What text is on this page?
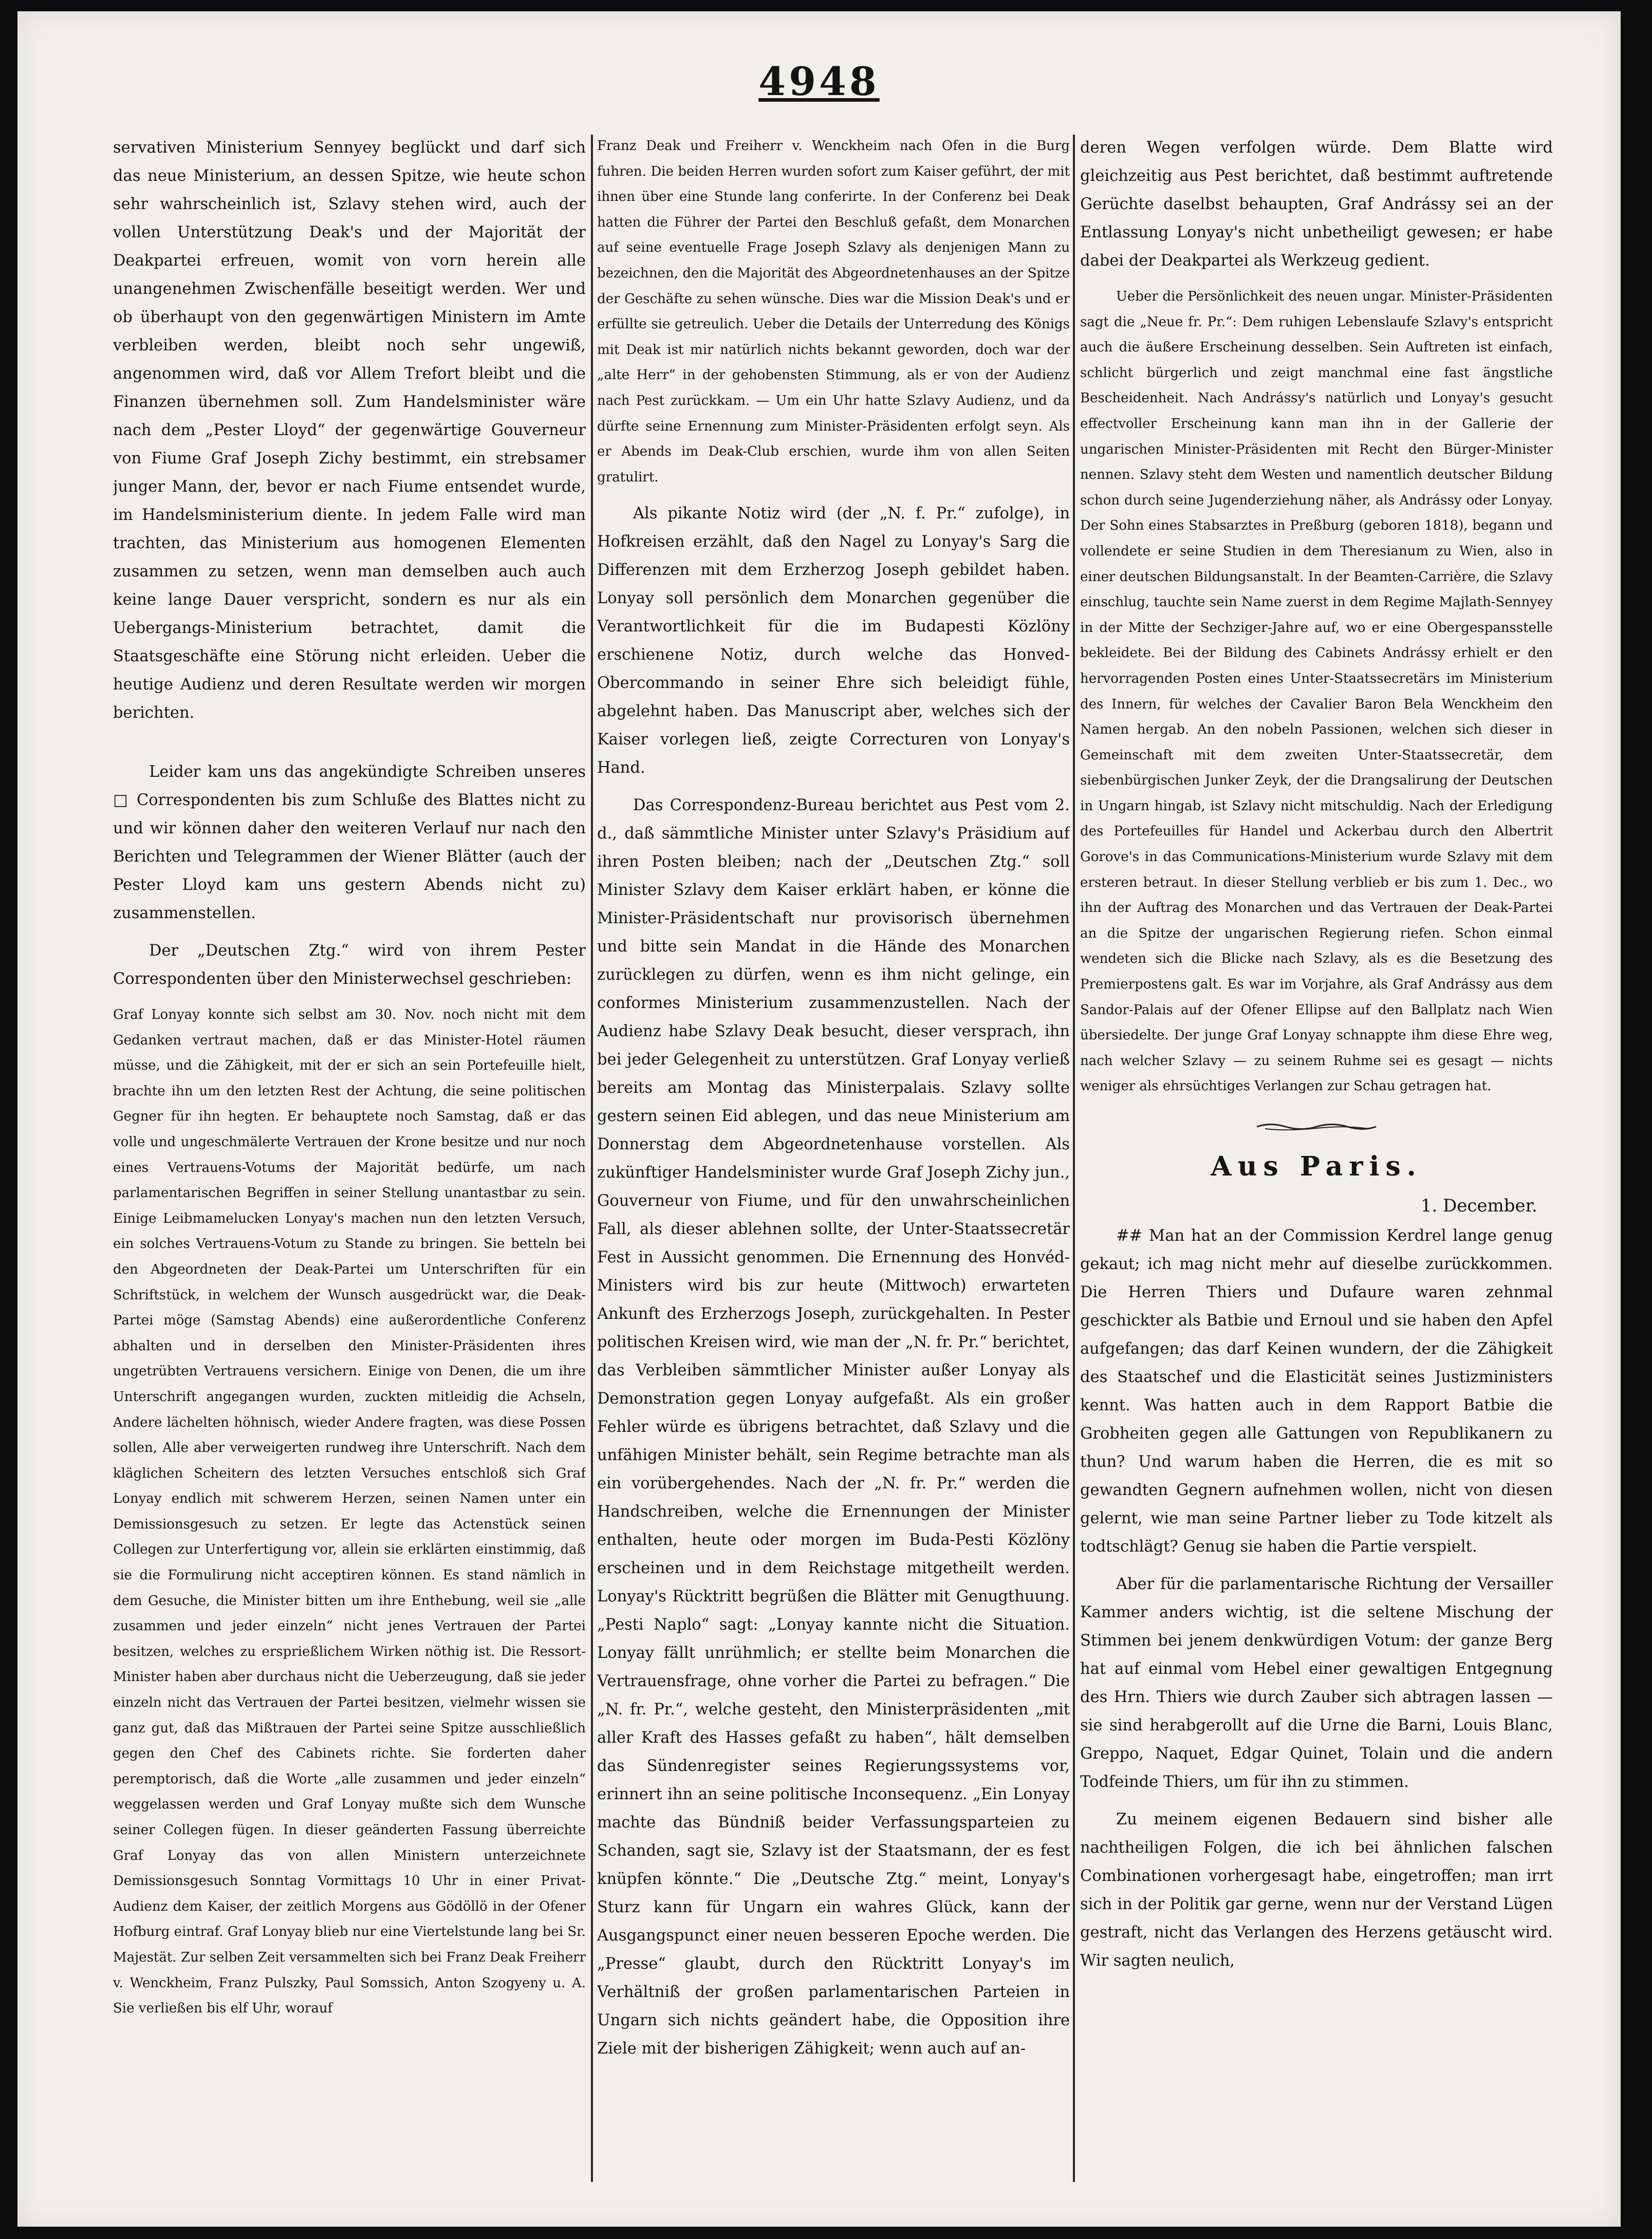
4948

servativen Ministerium Sennyey beglückt und darf sich das neue Ministerium, an dessen Spitze, wie heute schon sehr wahrscheinlich ist, Szlavy stehen wird, auch der vollen Unterstützung Deak's und der Majorität der Deakpartei erfreuen, womit von vorn herein alle unangenehmen Zwischenfälle beseitigt werden. Wer und ob überhaupt von den gegenwärtigen Ministern im Amte verbleiben werden, bleibt noch sehr ungewiß, angenommen wird, daß vor Allem Trefort bleibt und die Finanzen übernehmen soll. Zum Handelsminister wäre nach dem „Pester Lloyd“ der gegenwärtige Gouverneur von Fiume Graf Joseph Zichy bestimmt, ein strebsamer junger Mann, der, bevor er nach Fiume entsendet wurde, im Handelsministerium diente. In jedem Falle wird man trachten, das Ministerium aus homogenen Elementen zusammen zu setzen, wenn man demselben auch auch keine lange Dauer verspricht, sondern es nur als ein Uebergangs-Ministerium betrachtet, damit die Staatsgeschäfte eine Störung nicht erleiden. Ueber die heutige Audienz und deren Resultate werden wir morgen berichten.

Leider kam uns das angekündigte Schreiben unseres □ Correspondenten bis zum Schluße des Blattes nicht zu und wir können daher den weiteren Verlauf nur nach den Berichten und Telegrammen der Wiener Blätter (auch der Pester Lloyd kam uns gestern Abends nicht zu) zusammenstellen.

Der „Deutschen Ztg.“ wird von ihrem Pester Correspondenten über den Ministerwechsel geschrieben:

Graf Lonyay konnte sich selbst am 30. Nov. noch nicht mit dem Gedanken vertraut machen, daß er das Minister-Hotel räumen müsse, und die Zähigkeit, mit der er sich an sein Portefeuille hielt, brachte ihn um den letzten Rest der Achtung, die seine politischen Gegner für ihn hegten. Er behauptete noch Samstag, daß er das volle und ungeschmälerte Vertrauen der Krone besitze und nur noch eines Vertrauens-Votums der Majorität bedürfe, um nach parlamentarischen Begriffen in seiner Stellung unantastbar zu sein. Einige Leibmamelucken Lonyay's machen nun den letzten Versuch, ein solches Vertrauens-Votum zu Stande zu bringen. Sie betteln bei den Abgeordneten der Deak-Partei um Unterschriften für ein Schriftstück, in welchem der Wunsch ausgedrückt war, die Deak-Partei möge (Samstag Abends) eine außerordentliche Conferenz abhalten und in derselben den Minister-Präsidenten ihres ungetrübten Vertrauens versichern. Einige von Denen, die um ihre Unterschrift angegangen wurden, zuckten mitleidig die Achseln, Andere lächelten höhnisch, wieder Andere fragten, was diese Possen sollen, Alle aber verweigerten rundweg ihre Unterschrift. Nach dem kläglichen Scheitern des letzten Versuches entschloß sich Graf Lonyay endlich mit schwerem Herzen, seinen Namen unter ein Demissionsgesuch zu setzen. Er legte das Actenstück seinen Collegen zur Unterfertigung vor, allein sie erklärten einstimmig, daß sie die Formulirung nicht acceptiren können. Es stand nämlich in dem Gesuche, die Minister bitten um ihre Enthebung, weil sie „alle zusammen und jeder einzeln“ nicht jenes Vertrauen der Partei besitzen, welches zu ersprießlichem Wirken nöthig ist. Die Ressort-Minister haben aber durchaus nicht die Ueberzeugung, daß sie jeder einzeln nicht das Vertrauen der Partei besitzen, vielmehr wissen sie ganz gut, daß das Mißtrauen der Partei seine Spitze ausschließlich gegen den Chef des Cabinets richte. Sie forderten daher peremptorisch, daß die Worte „alle zusammen und jeder einzeln“ weggelassen werden und Graf Lonyay mußte sich dem Wunsche seiner Collegen fügen. In dieser geänderten Fassung überreichte Graf Lonyay das von allen Ministern unterzeichnete Demissionsgesuch Sonntag Vormittags 10 Uhr in einer Privat-Audienz dem Kaiser, der zeitlich Morgens aus Gödöllö in der Ofener Hofburg eintraf. Graf Lonyay blieb nur eine Viertelstunde lang bei Sr. Majestät. Zur selben Zeit versammelten sich bei Franz Deak Freiherr v. Wenckheim, Franz Pulszky, Paul Somssich, Anton Szogyeny u. A. Sie verließen bis elf Uhr, worauf

Franz Deak und Freiherr v. Wenckheim nach Ofen in die Burg fuhren. Die beiden Herren wurden sofort zum Kaiser geführt, der mit ihnen über eine Stunde lang conferirte. In der Conferenz bei Deak hatten die Führer der Partei den Beschluß gefaßt, dem Monarchen auf seine eventuelle Frage Joseph Szlavy als denjenigen Mann zu bezeichnen, den die Majorität des Abgeordnetenhauses an der Spitze der Geschäfte zu sehen wünsche. Dies war die Mission Deak's und er erfüllte sie getreulich. Ueber die Details der Unterredung des Königs mit Deak ist mir natürlich nichts bekannt geworden, doch war der „alte Herr“ in der gehobensten Stimmung, als er von der Audienz nach Pest zurückkam. — Um ein Uhr hatte Szlavy Audienz, und da dürfte seine Ernennung zum Minister-Präsidenten erfolgt seyn. Als er Abends im Deak-Club erschien, wurde ihm von allen Seiten gratulirt.

Als pikante Notiz wird (der „N. f. Pr.“ zufolge), in Hofkreisen erzählt, daß den Nagel zu Lonyay's Sarg die Differenzen mit dem Erzherzog Joseph gebildet haben. Lonyay soll persönlich dem Monarchen gegenüber die Verantwortlichkeit für die im Budapesti Közlöny erschienene Notiz, durch welche das Honved-Obercommando in seiner Ehre sich beleidigt fühle, abgelehnt haben. Das Manuscript aber, welches sich der Kaiser vorlegen ließ, zeigte Correcturen von Lonyay's Hand.

Das Correspondenz-Bureau berichtet aus Pest vom 2. d., daß sämmtliche Minister unter Szlavy's Präsidium auf ihren Posten bleiben; nach der „Deutschen Ztg.“ soll Minister Szlavy dem Kaiser erklärt haben, er könne die Minister-Präsidentschaft nur provisorisch übernehmen und bitte sein Mandat in die Hände des Monarchen zurücklegen zu dürfen, wenn es ihm nicht gelinge, ein conformes Ministerium zusammenzustellen. Nach der Audienz habe Szlavy Deak besucht, dieser versprach, ihn bei jeder Gelegenheit zu unterstützen. Graf Lonyay verließ bereits am Montag das Ministerpalais. Szlavy sollte gestern seinen Eid ablegen, und das neue Ministerium am Donnerstag dem Abgeordnetenhause vorstellen. Als zukünftiger Handelsminister wurde Graf Joseph Zichy jun., Gouverneur von Fiume, und für den unwahrscheinlichen Fall, als dieser ablehnen sollte, der Unter-Staatssecretär Fest in Aussicht genommen. Die Ernennung des Honvéd-Ministers wird bis zur heute (Mittwoch) erwarteten Ankunft des Erzherzogs Joseph, zurückgehalten. In Pester politischen Kreisen wird, wie man der „N. fr. Pr.“ berichtet, das Verbleiben sämmtlicher Minister außer Lonyay als Demonstration gegen Lonyay aufgefaßt. Als ein großer Fehler würde es übrigens betrachtet, daß Szlavy und die unfähigen Minister behält, sein Regime betrachte man als ein vorübergehendes. Nach der „N. fr. Pr.“ werden die Handschreiben, welche die Ernennungen der Minister enthalten, heute oder morgen im Buda-Pesti Közlöny erscheinen und in dem Reichstage mitgetheilt werden. Lonyay's Rücktritt begrüßen die Blätter mit Genugthuung. „Pesti Naplo“ sagt: „Lonyay kannte nicht die Situation. Lonyay fällt unrühmlich; er stellte beim Monarchen die Vertrauensfrage, ohne vorher die Partei zu befragen.“ Die „N. fr. Pr.“, welche gesteht, den Ministerpräsidenten „mit aller Kraft des Hasses gefaßt zu haben“, hält demselben das Sündenregister seines Regierungssystems vor, erinnert ihn an seine politische Inconsequenz. „Ein Lonyay machte das Bündniß beider Verfassungsparteien zu Schanden, sagt sie, Szlavy ist der Staatsmann, der es fest knüpfen könnte.“ Die „Deutsche Ztg.“ meint, Lonyay's Sturz kann für Ungarn ein wahres Glück, kann der Ausgangspunct einer neuen besseren Epoche werden. Die „Presse“ glaubt, durch den Rücktritt Lonyay's im Verhältniß der großen parlamentarischen Parteien in Ungarn sich nichts geändert habe, die Opposition ihre Ziele mit der bisherigen Zähigkeit; wenn auch auf an-

deren Wegen verfolgen würde. Dem Blatte wird gleichzeitig aus Pest berichtet, daß bestimmt auftretende Gerüchte daselbst behaupten, Graf Andrássy sei an der Entlassung Lonyay's nicht unbetheiligt gewesen; er habe dabei der Deakpartei als Werkzeug gedient.

Ueber die Persönlichkeit des neuen ungar. Minister-Präsidenten sagt die „Neue fr. Pr.“: Dem ruhigen Lebenslaufe Szlavy's entspricht auch die äußere Erscheinung desselben. Sein Auftreten ist einfach, schlicht bürgerlich und zeigt manchmal eine fast ängstliche Bescheidenheit. Nach Andrássy's natürlich und Lonyay's gesucht effectvoller Erscheinung kann man ihn in der Gallerie der ungarischen Minister-Präsidenten mit Recht den Bürger-Minister nennen. Szlavy steht dem Westen und namentlich deutscher Bildung schon durch seine Jugenderziehung näher, als Andrássy oder Lonyay. Der Sohn eines Stabsarztes in Preßburg (geboren 1818), begann und vollendete er seine Studien in dem Theresianum zu Wien, also in einer deutschen Bildungsanstalt. In der Beamten-Carrière, die Szlavy einschlug, tauchte sein Name zuerst in dem Regime Majlath-Sennyey in der Mitte der Sechziger-Jahre auf, wo er eine Obergespansstelle bekleidete. Bei der Bildung des Cabinets Andrássy erhielt er den hervorragenden Posten eines Unter-Staatssecretärs im Ministerium des Innern, für welches der Cavalier Baron Bela Wenckheim den Namen hergab. An den nobeln Passionen, welchen sich dieser in Gemeinschaft mit dem zweiten Unter-Staatssecretär, dem siebenbürgischen Junker Zeyk, der die Drangsalirung der Deutschen in Ungarn hingab, ist Szlavy nicht mitschuldig. Nach der Erledigung des Portefeuilles für Handel und Ackerbau durch den Albertrit Gorove's in das Communications-Ministerium wurde Szlavy mit dem ersteren betraut. In dieser Stellung verblieb er bis zum 1. Dec., wo ihn der Auftrag des Monarchen und das Vertrauen der Deak-Partei an die Spitze der ungarischen Regierung riefen. Schon einmal wendeten sich die Blicke nach Szlavy, als es die Besetzung des Premierpostens galt. Es war im Vorjahre, als Graf Andrássy aus dem Sandor-Palais auf der Ofener Ellipse auf den Ballplatz nach Wien übersiedelte. Der junge Graf Lonyay schnappte ihm diese Ehre weg, nach welcher Szlavy — zu seinem Ruhme sei es gesagt — nichts weniger als ehrsüchtiges Verlangen zur Schau getragen hat.

Aus Paris.
1. December.

## Man hat an der Commission Kerdrel lange genug gekaut; ich mag nicht mehr auf dieselbe zurückkommen. Die Herren Thiers und Dufaure waren zehnmal geschickter als Batbie und Ernoul und sie haben den Apfel aufgefangen; das darf Keinen wundern, der die Zähigkeit des Staatschef und die Elasticität seines Justizministers kennt. Was hatten auch in dem Rapport Batbie die Grobheiten gegen alle Gattungen von Republikanern zu thun? Und warum haben die Herren, die es mit so gewandten Gegnern aufnehmen wollen, nicht von diesen gelernt, wie man seine Partner lieber zu Tode kitzelt als todtschlägt? Genug sie haben die Partie verspielt.

Aber für die parlamentarische Richtung der Versailler Kammer anders wichtig, ist die seltene Mischung der Stimmen bei jenem denkwürdigen Votum: der ganze Berg hat auf einmal vom Hebel einer gewaltigen Entgegnung des Hrn. Thiers wie durch Zauber sich abtragen lassen — sie sind herabgerollt auf die Urne die Barni, Louis Blanc, Greppo, Naquet, Edgar Quinet, Tolain und die andern Todfeinde Thiers, um für ihn zu stimmen.

Zu meinem eigenen Bedauern sind bisher alle nachtheiligen Folgen, die ich bei ähnlichen falschen Combinationen vorhergesagt habe, eingetroffen; man irrt sich in der Politik gar gerne, wenn nur der Verstand Lügen gestraft, nicht das Verlangen des Herzens getäuscht wird. Wir sagten neulich,
